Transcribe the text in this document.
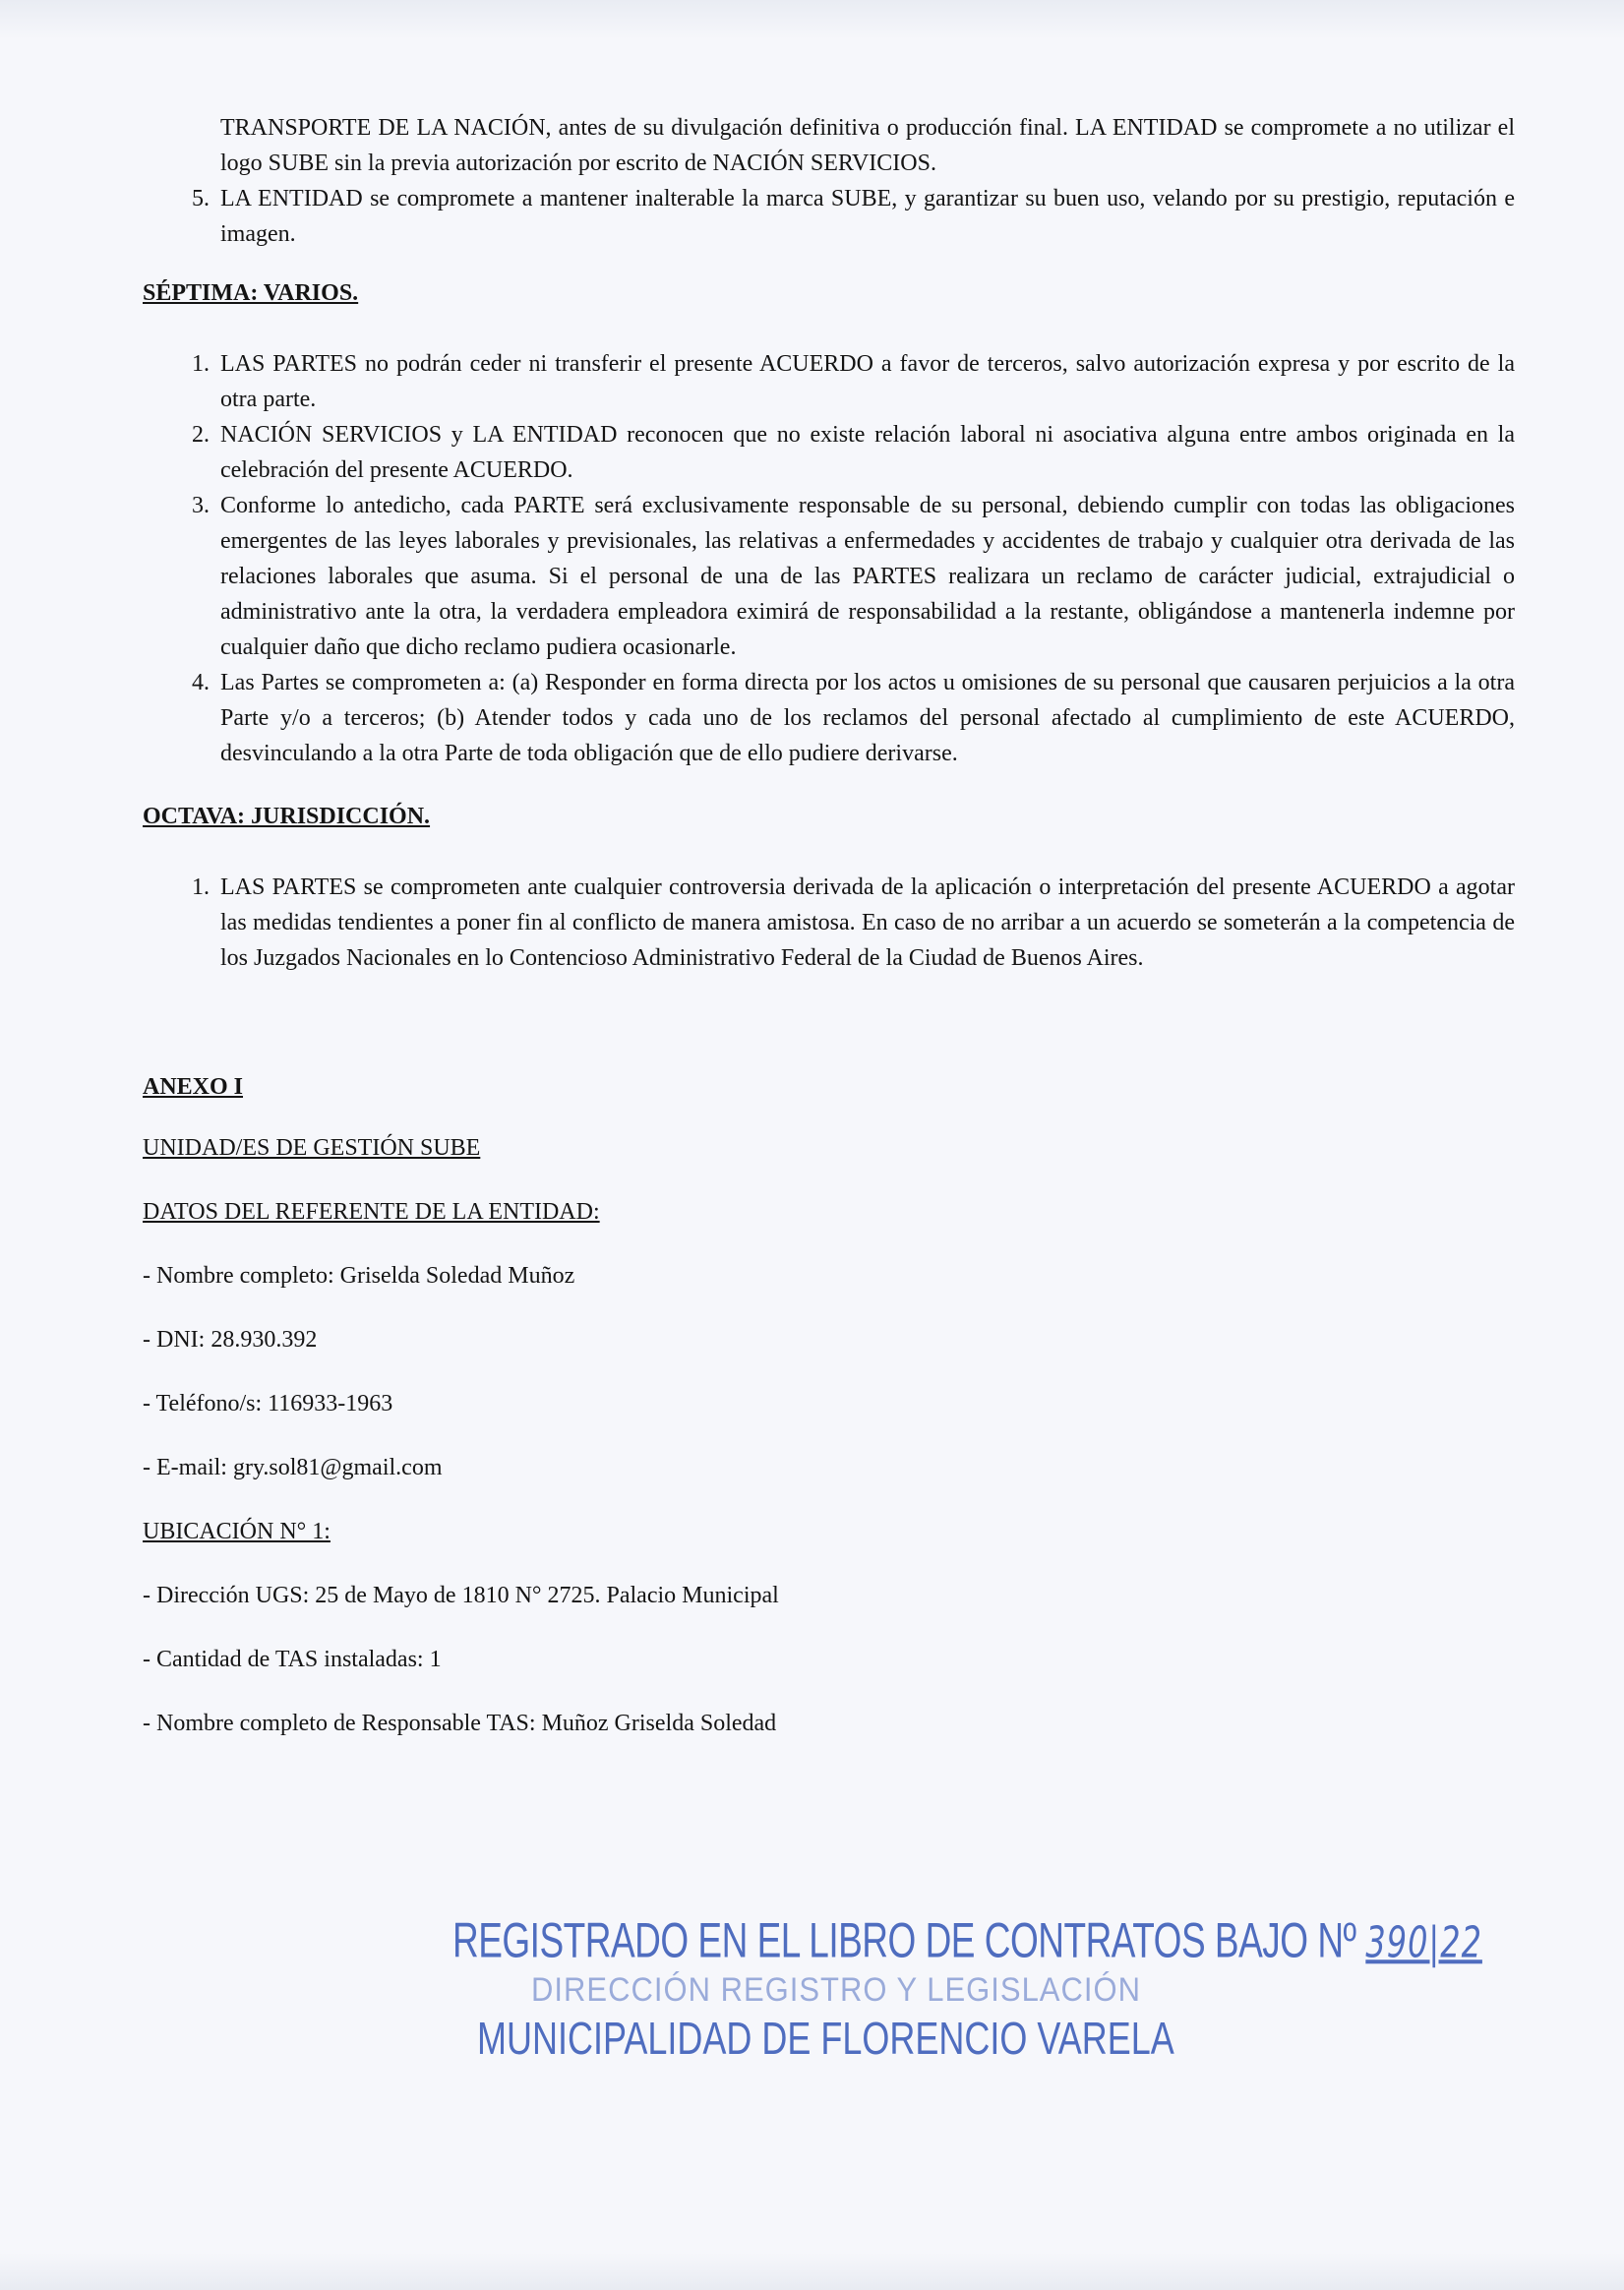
TRANSPORTE DE LA NACIÓN, antes de su divulgación definitiva o producción final. LA ENTIDAD se compromete a no utilizar el logo SUBE sin la previa autorización por escrito de NACIÓN SERVICIOS.

5. LA ENTIDAD se compromete a mantener inalterable la marca SUBE, y garantizar su buen uso, velando por su prestigio, reputación e imagen.

SÉPTIMA: VARIOS.

1. LAS PARTES no podrán ceder ni transferir el presente ACUERDO a favor de terceros, salvo autorización expresa y por escrito de la otra parte.
2. NACIÓN SERVICIOS y LA ENTIDAD reconocen que no existe relación laboral ni asociativa alguna entre ambos originada en la celebración del presente ACUERDO.
3. Conforme lo antedicho, cada PARTE será exclusivamente responsable de su personal, debiendo cumplir con todas las obligaciones emergentes de las leyes laborales y previsionales, las relativas a enfermedades y accidentes de trabajo y cualquier otra derivada de las relaciones laborales que asuma. Si el personal de una de las PARTES realizara un reclamo de carácter judicial, extrajudicial o administrativo ante la otra, la verdadera empleadora eximirá de responsabilidad a la restante, obligándose a mantenerla indemne por cualquier daño que dicho reclamo pudiera ocasionarle.
4. Las Partes se comprometen a: (a) Responder en forma directa por los actos u omisiones de su personal que causaren perjuicios a la otra Parte y/o a terceros; (b) Atender todos y cada uno de los reclamos del personal afectado al cumplimiento de este ACUERDO, desvinculando a la otra Parte de toda obligación que de ello pudiere derivarse.

OCTAVA: JURISDICCIÓN.

1. LAS PARTES se comprometen ante cualquier controversia derivada de la aplicación o interpretación del presente ACUERDO a agotar las medidas tendientes a poner fin al conflicto de manera amistosa. En caso de no arribar a un acuerdo se someterán a la competencia de los Juzgados Nacionales en lo Contencioso Administrativo Federal de la Ciudad de Buenos Aires.

ANEXO I

UNIDAD/ES DE GESTIÓN SUBE

DATOS DEL REFERENTE DE LA ENTIDAD:

- Nombre completo: Griselda Soledad Muñoz

- DNI: 28.930.392

- Teléfono/s: 116933-1963

- E-mail: gry.sol81@gmail.com

UBICACIÓN N° 1:

- Dirección UGS: 25 de Mayo de 1810 N° 2725. Palacio Municipal

- Cantidad de TAS instaladas: 1

- Nombre completo de Responsable TAS: Muñoz Griselda Soledad

REGISTRADO EN EL LIBRO DE CONTRATOS BAJO Nº 390|22
DIRECCIÓN REGISTRO Y LEGISLACIÓN
MUNICIPALIDAD DE FLORENCIO VARELA
